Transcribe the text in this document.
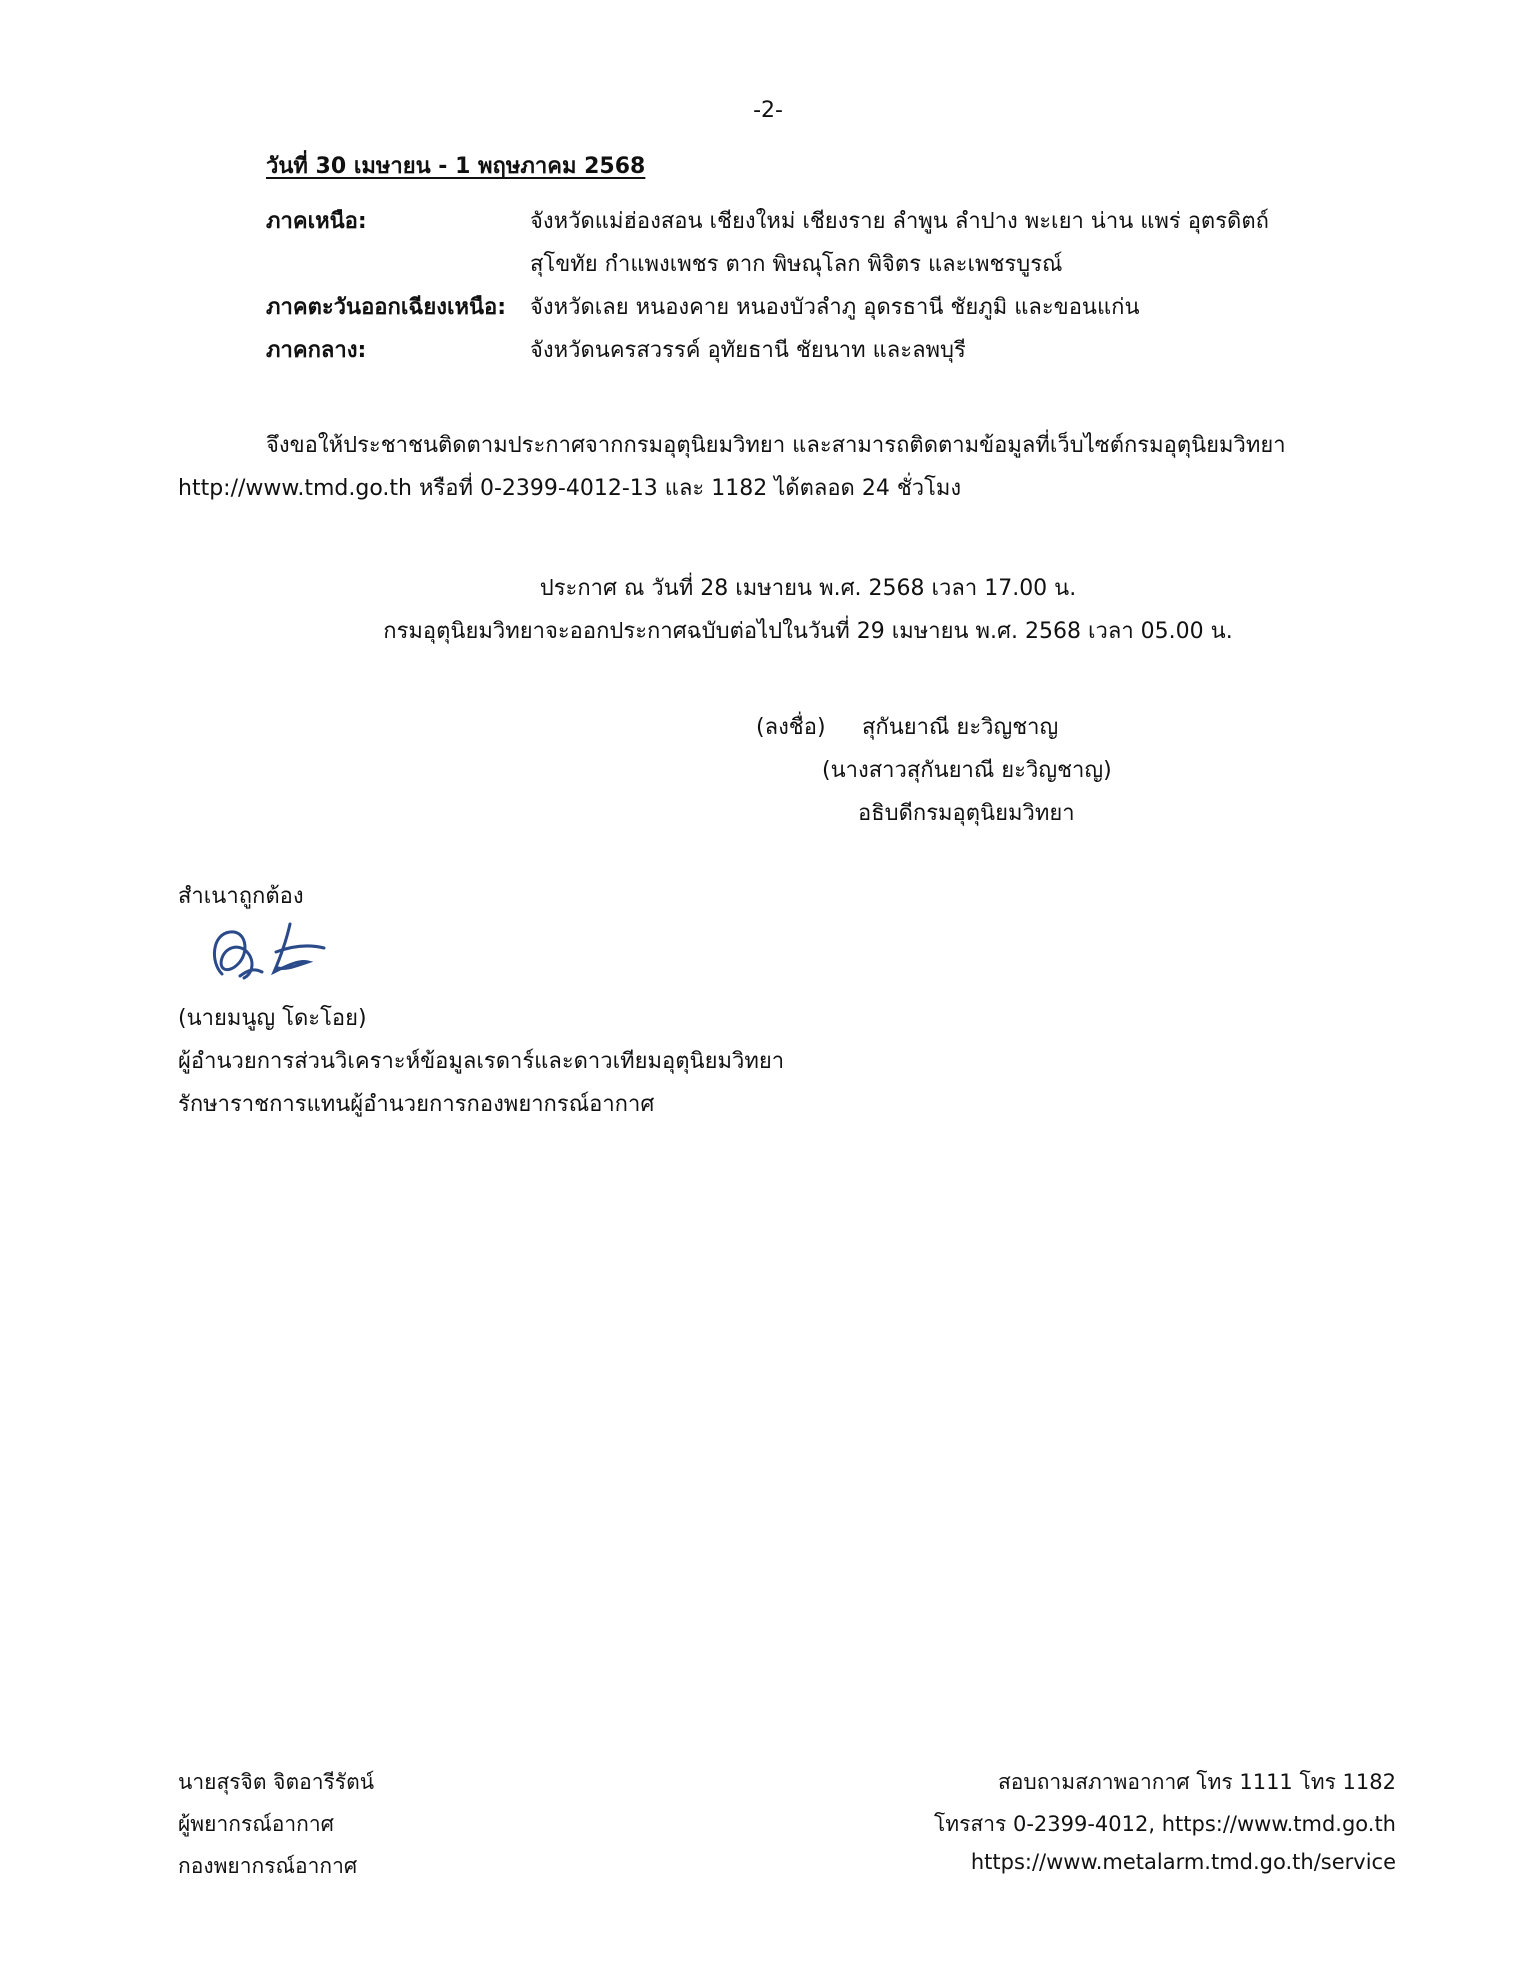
-2-
วันที่ 30 เมษายน - 1 พฤษภาคม 2568
ภาคเหนือ:	จังหวัดแม่ฮ่องสอน เชียงใหม่ เชียงราย ลำพูน ลำปาง พะเยา น่าน แพร่ อุตรดิตถ์
สุโขทัย กำแพงเพชร ตาก พิษณุโลก พิจิตร และเพชรบูรณ์
ภาคตะวันออกเฉียงเหนือ: จังหวัดเลย หนองคาย หนองบัวลำภู อุดรธานี ชัยภูมิ และขอนแก่น
ภาคกลาง:	จังหวัดนครสวรรค์ อุทัยธานี ชัยนาท และลพบุรี
จึงขอให้ประชาชนติดตามประกาศจากกรมอุตุนิยมวิทยา และสามารถติดตามข้อมูลที่เว็บไซต์กรมอุตุนิยมวิทยา http://www.tmd.go.th หรือที่ 0-2399-4012-13 และ 1182 ได้ตลอด 24 ชั่วโมง
ประกาศ ณ วันที่ 28 เมษายน พ.ศ. 2568 เวลา 17.00 น.
กรมอุตุนิยมวิทยาจะออกประกาศฉบับต่อไปในวันที่ 29 เมษายน พ.ศ. 2568 เวลา 05.00 น.
(ลงชื่อ) สุกันยาณี ยะวิญชาญ
(นางสาวสุกันยาณี ยะวิญชาญ)
อธิบดีกรมอุตุนิยมวิทยา
สำเนาถูกต้อง
(นายมนูญ โดะโอย)
ผู้อำนวยการส่วนวิเคราะห์ข้อมูลเรดาร์และดาวเทียมอุตุนิยมวิทยา
รักษาราชการแทนผู้อำนวยการกองพยากรณ์อากาศ
นายสุรจิต จิตอารีรัตน์
ผู้พยากรณ์อากาศ
กองพยากรณ์อากาศ
สอบถามสภาพอากาศ โทร 1111 โทร 1182
โทรสาร 0-2399-4012, https://www.tmd.go.th
https://www.metalarm.tmd.go.th/service
